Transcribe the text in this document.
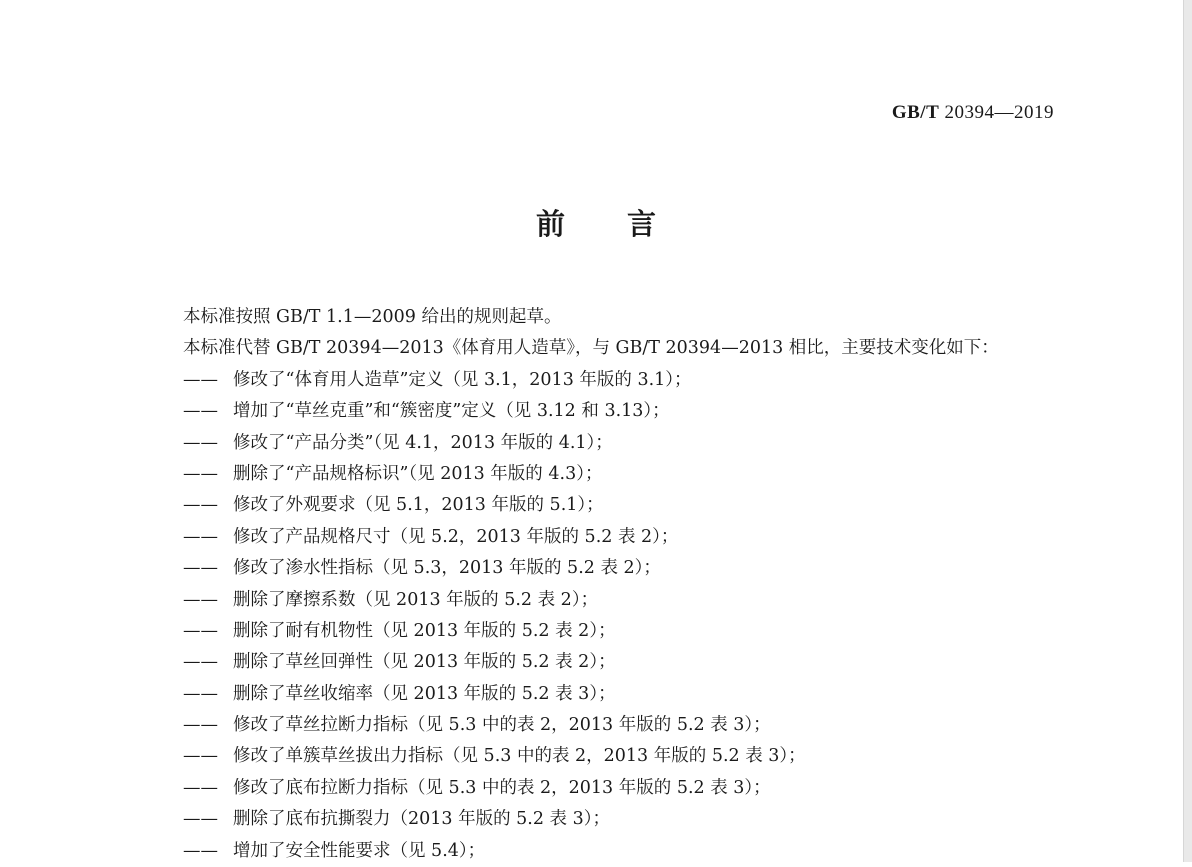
GB/T 20394—2019
前言
本标准按照 GB/T 1.1—2009 给出的规则起草。
本标准代替 GB/T 20394—2013《体育用人造草》，与 GB/T 20394—2013 相比，主要技术变化如下：
—— 修改了“体育用人造草”定义（见 3.1，2013 年版的 3.1）；
—— 增加了“草丝克重”和“簇密度”定义（见 3.12 和 3.13）；
—— 修改了“产品分类”（见 4.1，2013 年版的 4.1）；
—— 删除了“产品规格标识”（见 2013 年版的 4.3）；
—— 修改了外观要求（见 5.1，2013 年版的 5.1）；
—— 修改了产品规格尺寸（见 5.2，2013 年版的 5.2 表 2）；
—— 修改了渗水性指标（见 5.3，2013 年版的 5.2 表 2）；
—— 删除了摩擦系数（见 2013 年版的 5.2 表 2）；
—— 删除了耐有机物性（见 2013 年版的 5.2 表 2）；
—— 删除了草丝回弹性（见 2013 年版的 5.2 表 2）；
—— 删除了草丝收缩率（见 2013 年版的 5.2 表 3）；
—— 修改了草丝拉断力指标（见 5.3 中的表 2，2013 年版的 5.2 表 3）；
—— 修改了单簇草丝拔出力指标（见 5.3 中的表 2，2013 年版的 5.2 表 3）；
—— 修改了底布拉断力指标（见 5.3 中的表 2，2013 年版的 5.2 表 3）；
—— 删除了底布抗撕裂力（2013 年版的 5.2 表 3）；
—— 增加了安全性能要求（见 5.4）；
